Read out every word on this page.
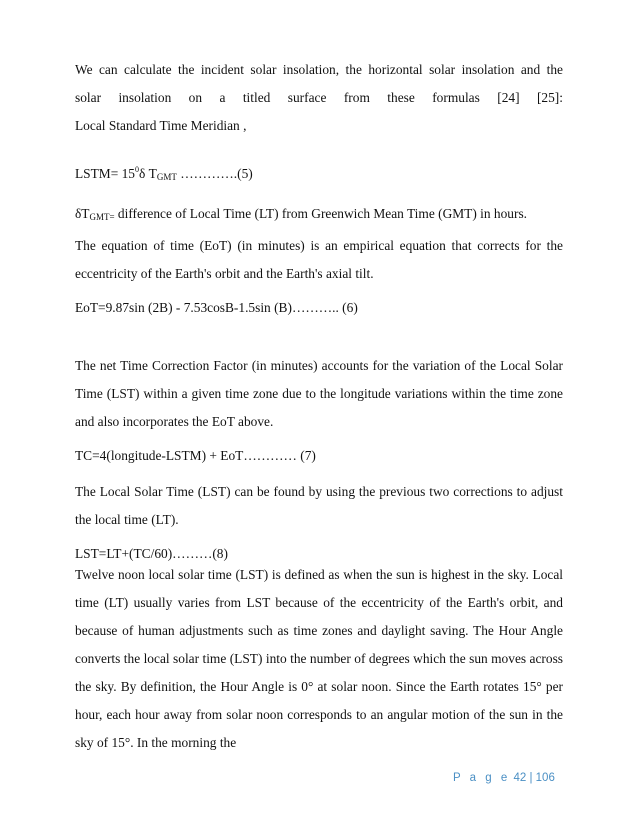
We can calculate the incident solar insolation, the horizontal solar insolation and the

solar insolation on a titled surface from these formulas [24] [25]:

Local Standard Time Meridian ,

LSTM= $15^0\delta$ $T_{GMT}$ ………….(5)

$\delta T_{GMT=}$ difference of Local Time (LT) from Greenwich Mean Time (GMT) in hours.

The equation of time (EoT) (in minutes) is an empirical equation that corrects for the eccentricity of the Earth's orbit and the Earth's axial tilt.

EoT=9.87sin (2B) - 7.53cosB-1.5sin (B)……….. (6)

The net Time Correction Factor (in minutes) accounts for the variation of the Local Solar Time (LST) within a given time zone due to the longitude variations within the time zone and also incorporates the EoT above.

TC=4(longitude-LSTM) + EoT………… (7)

The Local Solar Time (LST) can be found by using the previous two corrections to adjust the local time (LT).

LST=LT+(TC/60)………(8)

Twelve noon local solar time (LST) is defined as when the sun is highest in the sky. Local time (LT) usually varies from LST because of the eccentricity of the Earth's orbit, and because of human adjustments such as time zones and daylight saving. The Hour Angle converts the local solar time (LST) into the number of degrees which the sun moves across the sky. By definition, the Hour Angle is 0° at solar noon. Since the Earth rotates 15° per hour, each hour away from solar noon corresponds to an angular motion of the sun in the sky of 15°. In the morning the

P a g e 42 | 106
